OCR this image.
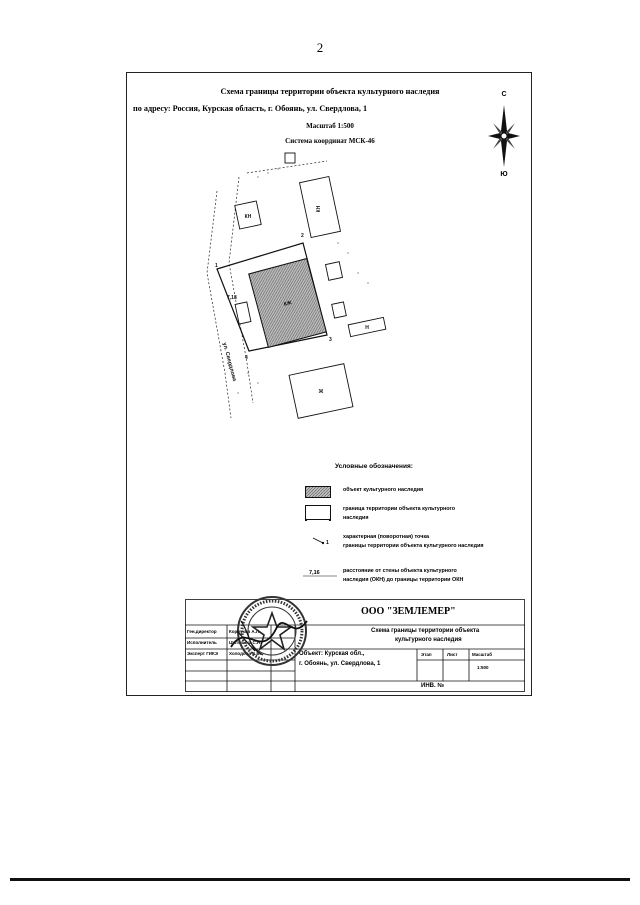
2
Схема границы территории объекта культурного наследия
по адресу: Россия, Курская область, г. Обоянь, ул. Свердлова, 1
Масштаб 1:500
Система координат МСК-46
С
Ю
КЖ
КН
КН
Н
Ж
ул. Свердлова
1
2
3
4
7,18
Условные обозначения:
объект культурного наследия
граница территории объекта культурного
наследия
1
характерная (поворотная) точка
границы территории объекта культурного наследия
7,16	расстояние от стены объекта культурного
наследия (ОКН) до границы территории ОКН
ООО "ЗЕМЛЕМЕР"
Схема границы территории объекта
культурного наследия
Ген.директор	Корнуков А.Л.
Исполнитель	Шатохина С.Н.
Эксперт ГИКЭ Холодова Е.В.	Объект: Курская обл.,
г. Обоянь, ул. Свердлова, 1
Этап	Лист	Масштаб
1:500
ИНВ. №
